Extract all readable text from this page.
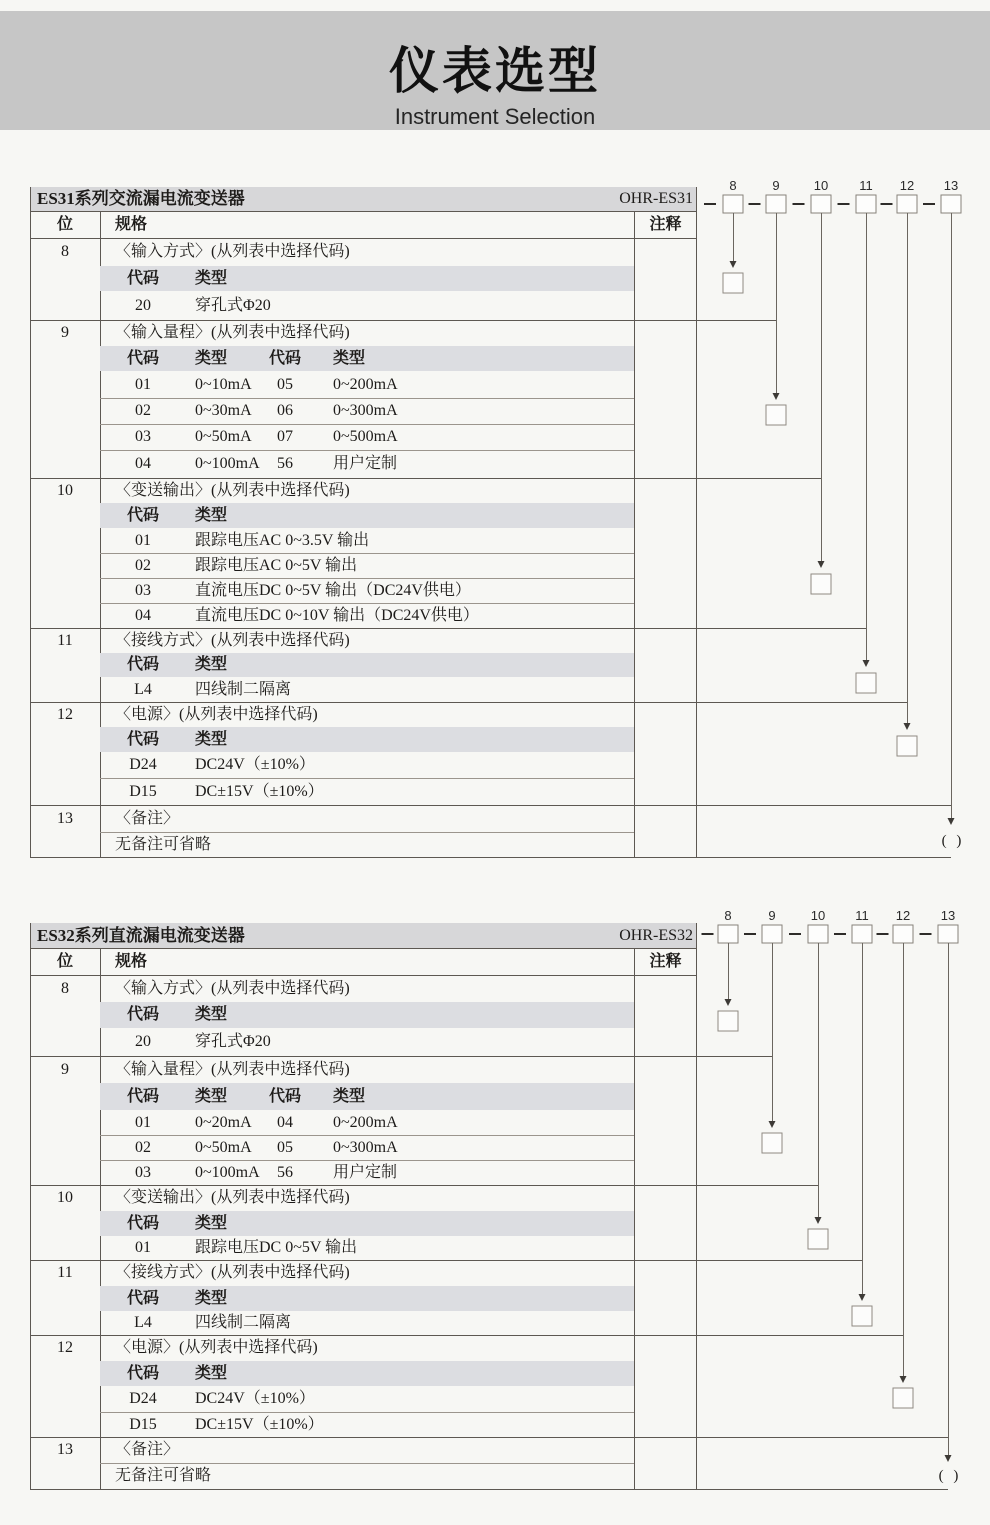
仪表选型
Instrument Selection
ES31系列交流漏电流变送器	OHR-ES31
位	规格	注释
8	〈输入方式〉(从列表中选择代码)
代码	类型
20	穿孔式Φ20
9	〈输入量程〉(从列表中选择代码)
代码	类型	代码	类型
01	0~10mA	05	0~200mA
02	0~30mA	06	0~300mA
03	0~50mA	07	0~500mA
04	0~100mA	56	用户定制
10	〈变送输出〉(从列表中选择代码)
代码	类型
01	跟踪电压AC 0~3.5V 输出
02	跟踪电压AC 0~5V 输出
03	直流电压DC 0~5V 输出（DC24V供电）
04	直流电压DC 0~10V 输出（DC24V供电）
11	〈接线方式〉(从列表中选择代码)
代码	类型
L4	四线制二隔离
12	〈电源〉(从列表中选择代码)
代码	类型
D24	DC24V（±10%）
D15	DC±15V（±10%）
13	〈备注〉
无备注可省略
ES32系列直流漏电流变送器	OHR-ES32
位	规格	注释
8	〈输入方式〉(从列表中选择代码)
代码	类型
20	穿孔式Φ20
9	〈输入量程〉(从列表中选择代码)
代码	类型	代码	类型
01	0~20mA	04	0~200mA
02	0~50mA	05	0~300mA
03	0~100mA	56	用户定制
10	〈变送输出〉(从列表中选择代码)
代码	类型
01	跟踪电压DC 0~5V 输出
11	〈接线方式〉(从列表中选择代码)
代码	类型
L4	四线制二隔离
12	〈电源〉(从列表中选择代码)
代码	类型
D24	DC24V（±10%）
D15	DC±15V（±10%）
13	〈备注〉
无备注可省略
8	9	10 11 12 13
( )
8	9	10 11 12 13
( )
